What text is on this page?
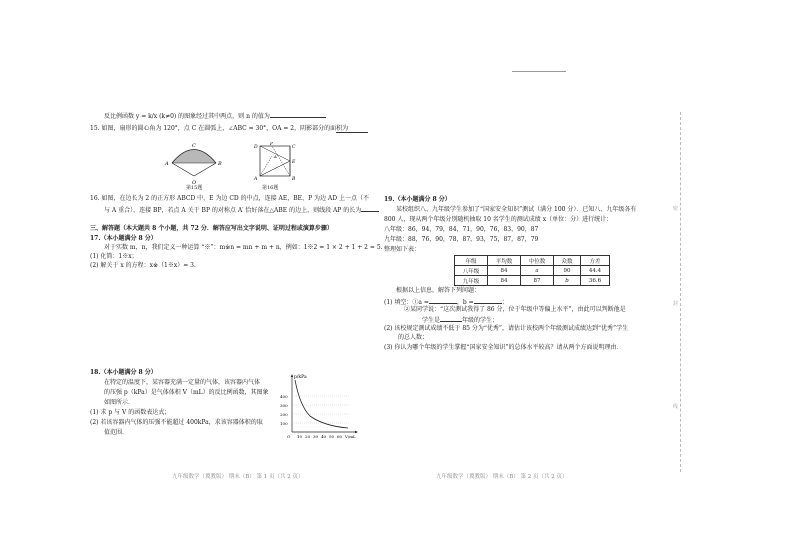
反比例函数 y = k/x (k≠0) 的图象经过其中两点，则 n 的值为
15. 如图，扇形的圆心角为 120°，点 C 在圆弧上，∠ABC = 30°，OA = 2，阴影部分的面积为
C
A	B
O
第15题
P
D	C
E
A′
A	B
第16题
16. 如图，在边长为 2 的正方形 ABCD 中，E 为边 CD 的中点，连接 AE，BE，P 为边 AD 上一点（不
与 A 重合），连接 BP，若点 A 关于 BP 的对称点 A′ 恰好落在△ABE 的边上，则线段 AP 的长为
三、解答题（本大题共 8 个小题，共 72 分．解答应写出文字说明、证明过程或演算步骤）
17.（本小题满分 8 分）
对于实数 m，n，我们定义一种运算 “※”：m※n = mn + m + n，例如：1※2 = 1 × 2 + 1 + 2 = 5.
(1) 化简：1※x；
(2) 解关于 x 的方程：x※（1※x）= 3.
18.（本小题满分 8 分）
在特定的温度下，某容器充满一定量的气体，该容器内气体
的压强 p（kPa）是气体体积 V（mL）的反比例函数，其图象
如图所示．
(1) 求 p 与 V 的函数表达式；
(2) 若该容器内气体的压强不能超过 400kPa，求该容器体积的取
值范围．
p/kPa
400
300
200
100
O 10 20 30 40 50 60 V/mL
19.（本小题满分 8 分）
某校组织八、九年级学生参加了“国家安全知识”测试（满分 100 分）．已知八、九年级各有
800 人，现从两个年级分别随机抽取 10 名学生的测试成绩 x（单位：分）进行统计：
八年级：86，94，79，84，71，90，76，83，90，87
九年级：88，76，90，78，87，93，75，87，87，79
整理如下表：
年级	平均数	中位数	众数	方差
八年级	84	a	90	44.4
九年级	84	87	b	36.6
根据以上信息，解答下列问题：
(1) 填空：①a =	，b =	；
②某同学说：“这次测试我得了 86 分，位于年级中等偏上水平”，由此可以判断他是
学生是	年级的学生；
(2) 该校规定测试成绩不低于 85 分为“优秀”，请估计该校两个年级测试成绩达到“优秀”学生
的总人数；
(3) 你认为哪个年级的学生掌握“国家安全知识”的总体水平较高？请从两个方面说明理由．
密
封
线
九年级数学（冀教版） 期末（B） 第 1 页（共 2 页）	九年级数学（冀教版） 期末（B） 第 2 页（共 2 页）
